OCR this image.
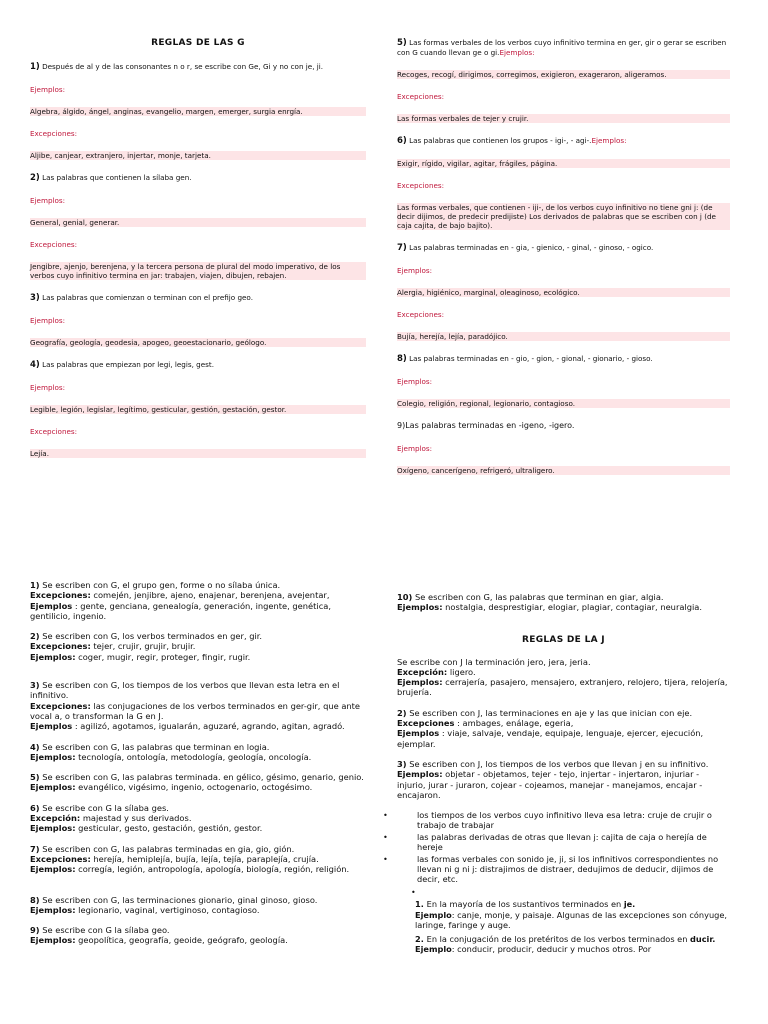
REGLAS DE LAS G
1) Después de al y de las consonantes n o r, se escribe con Ge, Gi y no con je, ji.
Ejemplos:
Algebra, álgido, ángel, anginas, evangelio, margen, emerger, surgia enrgía.
Excepciones:
Aljibe, canjear, extranjero, injertar, monje, tarjeta.
2) Las palabras que contienen la sílaba gen.
Ejemplos:
General, genial, generar.
Excepciones:
Jengibre, ajenjo, berenjena, y la tercera persona de plural del modo imperativo, de los verbos cuyo infinitivo termina en jar: trabajen, viajen, dibujen, rebajen.
3) Las palabras que comienzan o terminan con el prefijo geo.
Ejemplos:
Geografía, geología, geodesia, apogeo, geoestacionario, geólogo.
4) Las palabras que empiezan por legi, legis, gest.
Ejemplos:
Legible, legión, legislar, legítimo, gesticular, gestión, gestación, gestor.
Excepciones:
Lejía.
5) Las formas verbales de los verbos cuyo infinitivo termina en ger, gir o gerar se escriben con G cuando llevan ge o gi.Ejemplos:
Recoges, recogí, dirigimos, corregimos, exigieron, exageraron, aligeramos.
Excepciones:
Las formas verbales de tejer y crujir.
6) Las palabras que contienen los grupos - igi-, - agi-.Ejemplos:
Exigir, rígido, vigilar, agitar, frágiles, página.
Excepciones:
Las formas verbales, que contienen - iji-, de los verbos cuyo infinitivo no tiene gni j: (de decir dijimos, de predecir predijiste) Los derivados de palabras que se escriben con j (de caja cajita, de bajo bajito).
7) Las palabras terminadas en - gia, - gienico, - ginal, - ginoso, - ogico.
Ejemplos:
Alergia, higiénico, marginal, oleaginoso, ecológico.
Excepciones:
Bujía, herejía, lejía, paradójico.
8) Las palabras terminadas en - gio, - gion, - gional, - gionario, - gioso.
Ejemplos:
Colegio, religión, regional, legionario, contagioso.
9)Las palabras terminadas en -igeno, -igero.
Ejemplos:
Oxígeno, cancerígeno, refrigeró, ultraligero.

1) Se escriben con G, el grupo gen, forme o no sílaba única.

Excepciones: comején, jenjibre, ajeno, enajenar, berenjena, avejentar,

Ejemplos : gente, genciana, genealogía, generación, ingente, genética, gentilicio, ingenio.

2) Se escriben con G, los verbos terminados en ger, gir.

Excepciones: tejer, crujir, grujir, brujir.

Ejemplos: coger, mugir, regir, proteger, fingir, rugir.

3) Se escriben con G, los tiempos de los verbos que llevan esta letra en el infinitivo.

Excepciones: las conjugaciones de los verbos terminados en ger-gir, que ante vocal a, o transforman la G en J.

Ejemplos : agilizó, agotamos, igualarán, aguzaré, agrando, agitan, agradó.

4) Se escriben con G, las palabras que terminan en logia.

Ejemplos: tecnología, ontología, metodología, geología, oncología.

5) Se escriben con G, las palabras terminada. en gélico, gésimo, genario, genio.

Ejemplos: evangélico, vigésimo, ingenio, octogenario, octogésimo.

6) Se escribe con G la sílaba ges.

Excepción: majestad y sus derivados.

Ejemplos: gesticular, gesto, gestación, gestión, gestor.

7) Se escriben con G, las palabras terminadas en gia, gio, gión.

Excepciones: herejía, hemiplejía, bujía, lejía, tejía, paraplejía, crujía.

Ejemplos: corregía, legión, antropología, apología, biología, región, religión.

8) Se escriben con G, las terminaciones gionario, ginal ginoso, gioso.

Ejemplos: legionario, vaginal, vertiginoso, contagioso.

9) Se escribe con G la sílaba geo.

Ejemplos: geopolítica, geografía, geoide, geógrafo, geología.

10) Se escriben con G, las palabras que terminan en giar, algia.

Ejemplos: nostalgia, desprestigiar, elogiar, plagiar, contagiar, neuralgia.

REGLAS DE LA J

Se escribe con J la terminación jero, jera, jeria.

Excepción: ligero.

Ejemplos: cerrajería, pasajero, mensajero, extranjero, relojero, tijera, relojería, brujería.

2) Se escriben con J, las terminaciones en aje y las que inician con eje.

Excepciones : ambages, enálage, egeria,

Ejemplos : viaje, salvaje, vendaje, equipaje, lenguaje, ejercer, ejecución, ejemplar.

3) Se escriben con J, los tiempos de los verbos que llevan j en su infinitivo.

Ejemplos: objetar - objetamos, tejer - tejo, injertar - injertaron, injuriar - injurio, jurar - juraron, cojear - cojeamos, manejar - manejamos, encajar - encajaron.

•	los tiempos de los verbos cuyo infinitivo lleva esa letra: cruje de crujir o trabajo de trabajar
•	las palabras derivadas de otras que llevan j: cajita de caja o herejía de hereje
•	las formas verbales con sonido je, ji, si los infinitivos correspondientes no llevan ni g ni j: distrajimos de distraer, dedujimos de deducir, dijimos de decir, etc.
•
1. En la mayoría de los sustantivos terminados en je.
Ejemplo: canje, monje, y paisaje. Algunas de las excepciones son cónyuge, laringe, faringe y auge.
2. En la conjugación de los pretéritos de los verbos terminados en ducir.
Ejemplo: conducir, producir, deducir y muchos otros. Por
